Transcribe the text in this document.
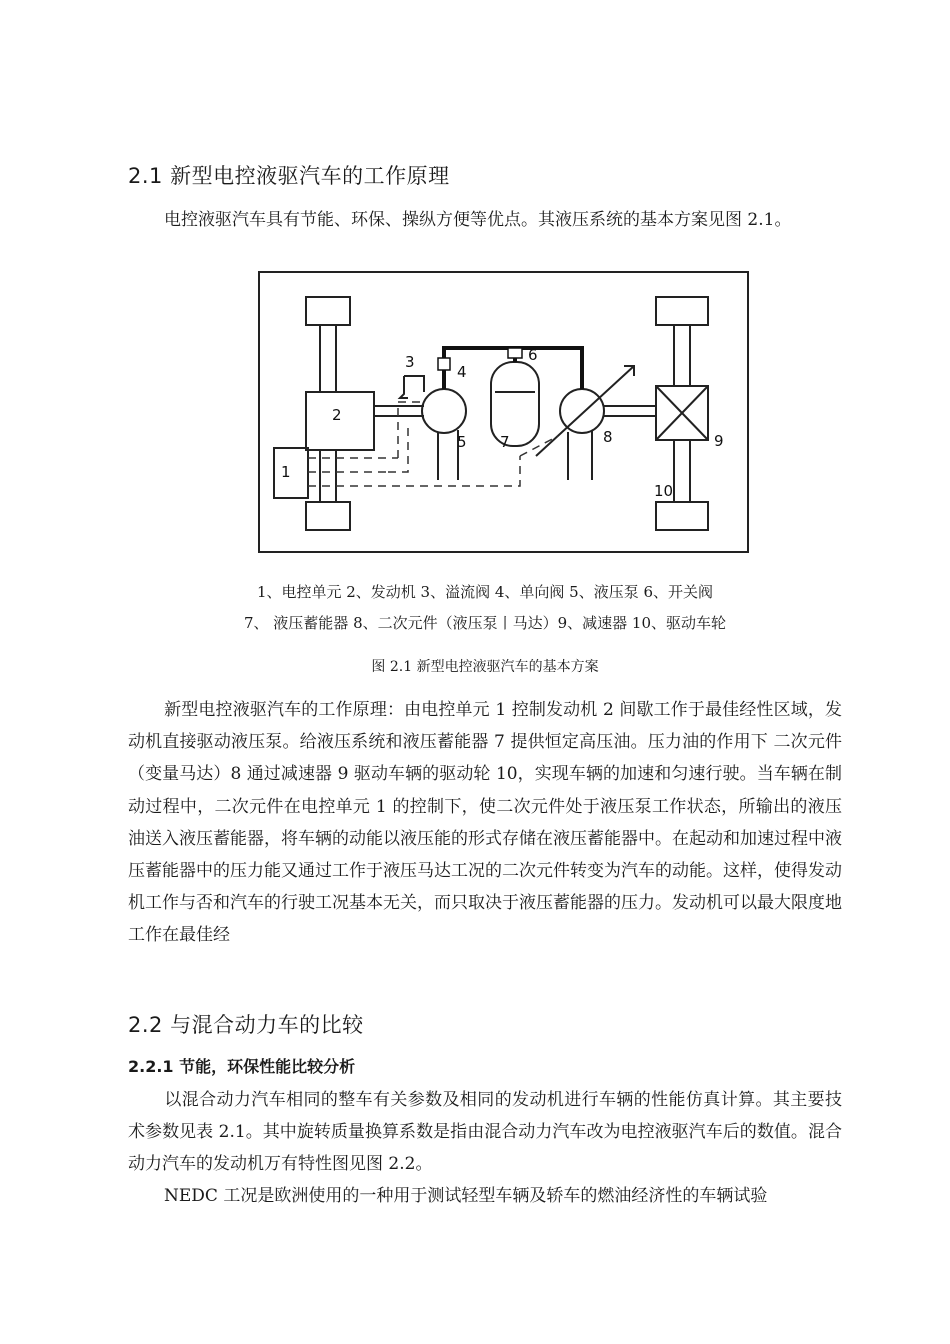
2.1 新型电控液驱汽车的工作原理

电控液驱汽车具有节能、环保、操纵方便等优点。其液压系统的基本方案见图 2.1。

1
2
3
4
5
6
7	8	9
10

1、电控单元 2、发动机 3、溢流阀 4、单向阀 5、液压泵 6、开关阀

7、 液压蓄能器 8、二次元件（液压泵丨马达）9、减速器 10、驱动车轮

图 2.1 新型电控液驱汽车的基本方案

新型电控液驱汽车的工作原理：由电控单元 1 控制发动机 2 间歇工作于最佳经性区域，发动机直接驱动液压泵。给液压系统和液压蓄能器 7 提供恒定高压油。压力油的作用下 二次元件（变量马达）8 通过减速器 9 驱动车辆的驱动轮 10，实现车辆的加速和匀速行驶。当车辆在制动过程中，二次元件在电控单元 1 的控制下，使二次元件处于液压泵工作状态，所输出的液压油送入液压蓄能器，将车辆的动能以液压能的形式存储在液压蓄能器中。在起动和加速过程中液压蓄能器中的压力能又通过工作于液压马达工况的二次元件转变为汽车的动能。这样，使得发动机工作与否和汽车的行驶工况基本无关，而只取决于液压蓄能器的压力。发动机可以最大限度地工作在最佳经

2.2 与混合动力车的比较
2.2.1 节能，环保性能比较分析

以混合动力汽车相同的整车有关参数及相同的发动机进行车辆的性能仿真计算。其主要技术参数见表 2.1。其中旋转质量换算系数是指由混合动力汽车改为电控液驱汽车后的数值。混合动力汽车的发动机万有特性图见图 2.2。

NEDC 工况是欧洲使用的一种用于测试轻型车辆及轿车的燃油经济性的车辆试验
